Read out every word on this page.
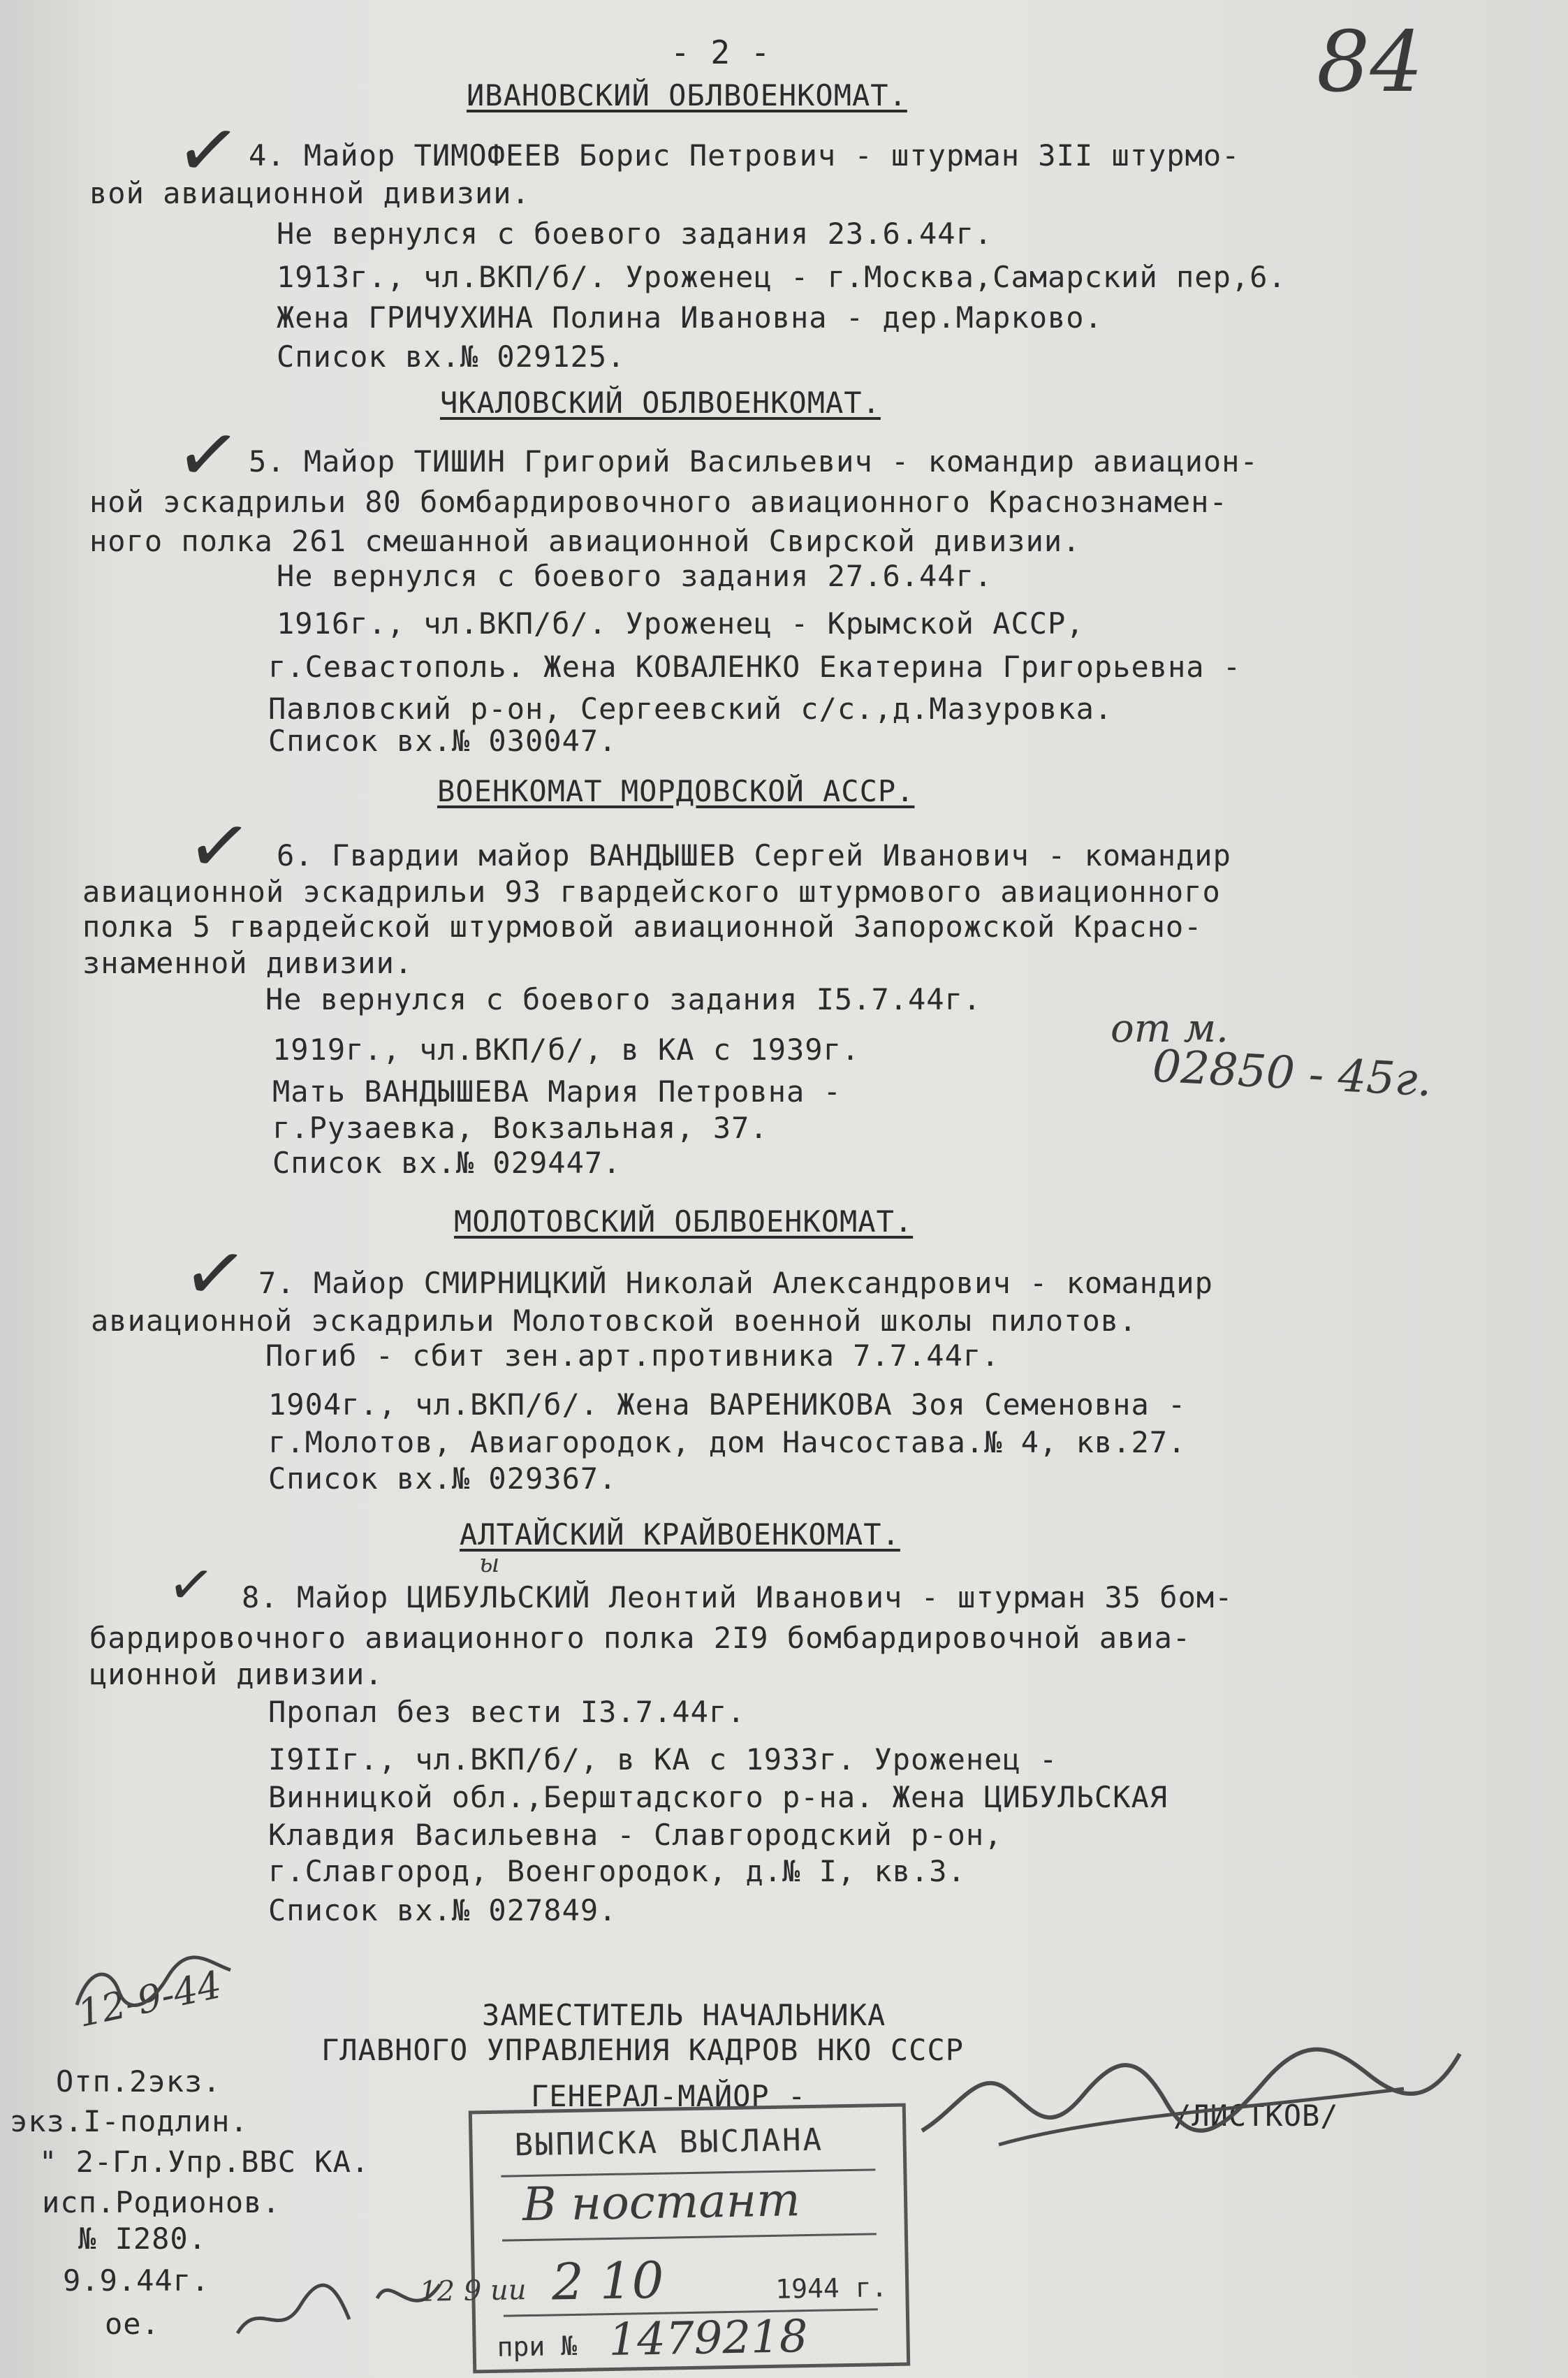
- 2 -	84
ИВАНОВСКИЙ ОБЛВОЕНКОМАТ.
✓ 4. Майор ТИМОФЕЕВ Борис Петрович - штурман 3II штурмо-
вой авиационной дивизии.
Не вернулся с боевого задания 23.6.44г.
1913г., чл.ВКП/б/. Уроженец - г.Москва,Самарский пер,6.
Жена ГРИЧУХИНА Полина Ивановна - дер.Марково.
Список вх.№ 029125.
ЧКАЛОВСКИЙ ОБЛВОЕНКОМАТ.
✓ 5. Майор ТИШИН Григорий Васильевич - командир авиацион-
ной эскадрильи 80 бомбардировочного авиационного Краснознамен-
ного полка 261 смешанной авиационной Свирской дивизии.
Не вернулся с боевого задания 27.6.44г.
1916г., чл.ВКП/б/. Уроженец - Крымской АССР,
г.Севастополь. Жена КОВАЛЕНКО Екатерина Григорьевна -
Павловский р-он, Сергеевский с/с.,д.Мазуровка.
Список вх.№ 030047.
ВОЕНКОМАТ МОРДОВСКОЙ АССР.
✓ 6. Гвардии майор ВАНДЫШЕВ Сергей Иванович - командир
авиационной эскадрильи 93 гвардейского штурмового авиационного
полка 5 гвардейской штурмовой авиационной Запорожской Красно-
знаменной дивизии.
Не вернулся с боевого задания I5.7.44г.
1919г., чл.ВКП/б/, в КА с 1939г.
Мать ВАНДЫШЕВА Мария Петровна -
г.Рузаевка, Вокзальная, 37.
Список вх.№ 029447.
от м.
02850 - 45г.
МОЛОТОВСКИЙ ОБЛВОЕНКОМАТ.
✓ 7. Майор СМИРНИЦКИЙ Николай Александрович - командир
авиационной эскадрильи Молотовской военной школы пилотов.
Погиб - сбит зен.арт.противника 7.7.44г.
1904г., чл.ВКП/б/. Жена ВАРЕНИКОВА Зоя Семеновна -
г.Молотов, Авиагородок, дом Начсостава.№ 4, кв.27.
Список вх.№ 029367.
АЛТАЙСКИЙ КРАЙВОЕНКОМАТ.
ы
✓ 8. Майор ЦИБУЛЬСКИЙ Леонтий Иванович - штурман 35 бом-
бардировочного авиационного полка 2I9 бомбардировочной авиа-
ционной дивизии.
Пропал без вести I3.7.44г.
I9IIг., чл.ВКП/б/, в КА с 1933г. Уроженец -
Винницкой обл.,Берштадского р-на. Жена ЦИБУЛЬСКАЯ
Клавдия Васильевна - Славгородский р-он,
г.Славгород, Военгородок, д.№ I, кв.3.
Список вх.№ 027849.
ЗАМЕСТИТЕЛЬ НАЧАЛЬНИКА
ГЛАВНОГО УПРАВЛЕНИЯ КАДРОВ НКО СССР
ГЕНЕРАЛ-МАЙОР -
/ЛИСТКОВ/
12-9-44
Отп.2экз.
экз.I-подлин.
" 2-Гл.Упр.ВВС КА.
исп.Родионов.
№ I280.
9.9.44г.
ое.
ВЫПИСКА ВЫСЛАНА
В ностант
12 9 ии 2 10	1944 г.
при № 1479218
